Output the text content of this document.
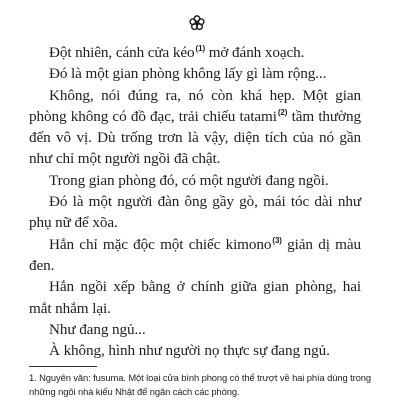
Đột nhiên, cánh cửa kéo$^{(1)}$ mở đánh xoạch.

Đó là một gian phòng không lấy gì làm rộng...

Không, nói đúng ra, nó còn khá hẹp. Một gian phòng không có đồ đạc, trải chiếu tatami$^{(2)}$ tầm thường đến vô vị. Dù trống trơn là vậy, diện tích của nó gần như chỉ một người ngồi đã chật.

Trong gian phòng đó, có một người đang ngồi.

Đó là một người đàn ông gầy gò, mái tóc dài như phụ nữ để xõa.

Hắn chỉ mặc độc một chiếc kimono$^{(3)}$ giản dị màu đen.

Hắn ngồi xếp bằng ở chính giữa gian phòng, hai mắt nhắm lại.

Như đang ngủ...

À không, hình như người nọ thực sự đang ngủ.

1. Nguyên văn: fusuma. Một loại cửa bình phong có thể trượt về hai phía dùng trong những ngôi nhà kiểu Nhật để ngăn cách các phòng.
